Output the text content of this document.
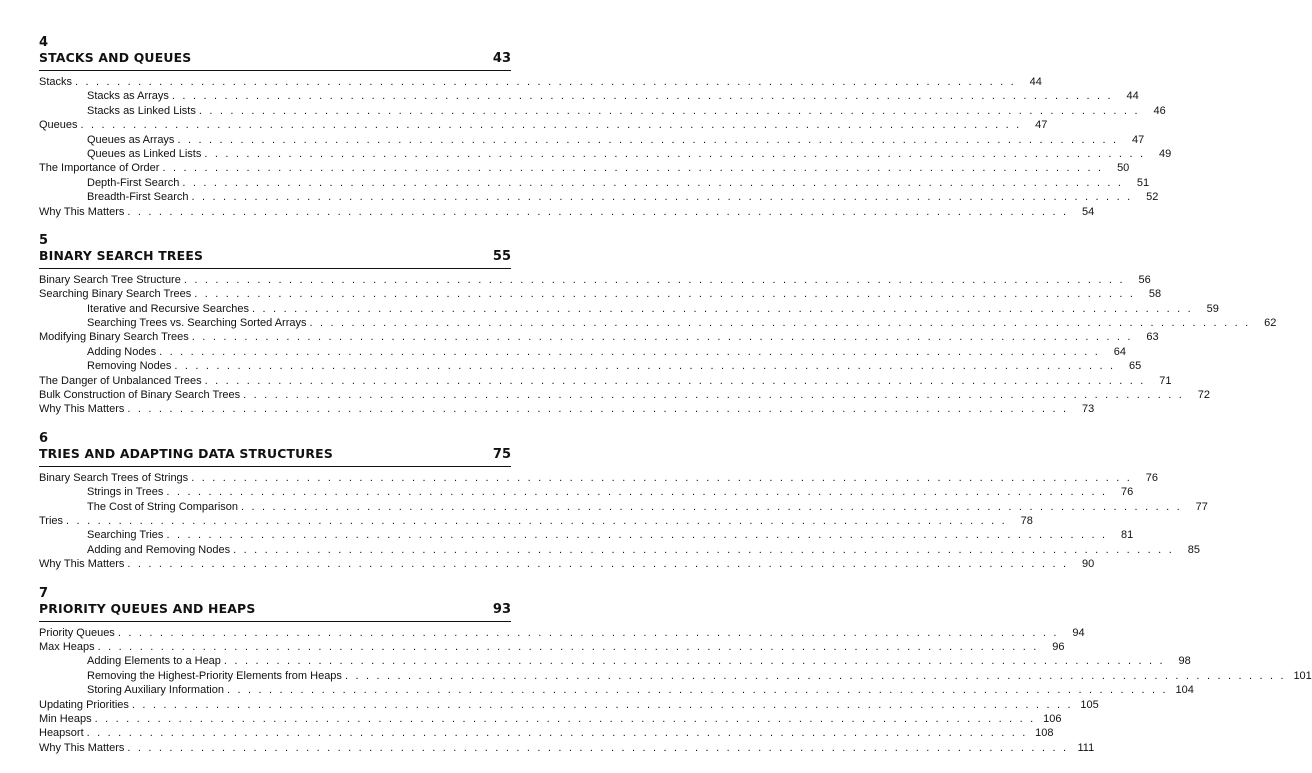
4
STACKS AND QUEUES	43
Stacks . . . . . . . . . . . . . . . . . . . . . . . . . . . . . . . . . . . . . . . . . . . . . . . . . . . . . . . . . . . . . . . . . . . . . . . . . . . . . . . . . . . . . . . . . .	44
Stacks as Arrays . . . . . . . . . . . . . . . . . . . . . . . . . . . . . . . . . . . . . . . . . . . . . . . . . . . . . . . . . . . . . . . . . . . . . . . . . . . . . . . . . . . . . . . . . .	44
Stacks as Linked Lists . . . . . . . . . . . . . . . . . . . . . . . . . . . . . . . . . . . . . . . . . . . . . . . . . . . . . . . . . . . . . . . . . . . . . . . . . . . . . . . . . . . . . . . . . .	46
Queues . . . . . . . . . . . . . . . . . . . . . . . . . . . . . . . . . . . . . . . . . . . . . . . . . . . . . . . . . . . . . . . . . . . . . . . . . . . . . . . . . . . . . . . . . .	47
Queues as Arrays . . . . . . . . . . . . . . . . . . . . . . . . . . . . . . . . . . . . . . . . . . . . . . . . . . . . . . . . . . . . . . . . . . . . . . . . . . . . . . . . . . . . . . . . . .	47
Queues as Linked Lists . . . . . . . . . . . . . . . . . . . . . . . . . . . . . . . . . . . . . . . . . . . . . . . . . . . . . . . . . . . . . . . . . . . . . . . . . . . . . . . . . . . . . . . . . .	49
The Importance of Order . . . . . . . . . . . . . . . . . . . . . . . . . . . . . . . . . . . . . . . . . . . . . . . . . . . . . . . . . . . . . . . . . . . . . . . . . . . . . . . . . . . . . . . . . .	50
Depth-First Search . . . . . . . . . . . . . . . . . . . . . . . . . . . . . . . . . . . . . . . . . . . . . . . . . . . . . . . . . . . . . . . . . . . . . . . . . . . . . . . . . . . . . . . . . .	51
Breadth-First Search . . . . . . . . . . . . . . . . . . . . . . . . . . . . . . . . . . . . . . . . . . . . . . . . . . . . . . . . . . . . . . . . . . . . . . . . . . . . . . . . . . . . . . . . . .	52
Why This Matters . . . . . . . . . . . . . . . . . . . . . . . . . . . . . . . . . . . . . . . . . . . . . . . . . . . . . . . . . . . . . . . . . . . . . . . . . . . . . . . . . . . . . . . . . .	54
5
BINARY SEARCH TREES	55
Binary Search Tree Structure . . . . . . . . . . . . . . . . . . . . . . . . . . . . . . . . . . . . . . . . . . . . . . . . . . . . . . . . . . . . . . . . . . . . . . . . . . . . . . . . . . . . . . . . . .	56
Searching Binary Search Trees . . . . . . . . . . . . . . . . . . . . . . . . . . . . . . . . . . . . . . . . . . . . . . . . . . . . . . . . . . . . . . . . . . . . . . . . . . . . . . . . . . . . . . . . . .	58
Iterative and Recursive Searches . . . . . . . . . . . . . . . . . . . . . . . . . . . . . . . . . . . . . . . . . . . . . . . . . . . . . . . . . . . . . . . . . . . . . . . . . . . . . . . . . . . . . . . . . .	59
Searching Trees vs. Searching Sorted Arrays . . . . . . . . . . . . . . . . . . . . . . . . . . . . . . . . . . . . . . . . . . . . . . . . . . . . . . . . . . . . . . . . . . . . . . . . . . . . . . . . . . . . . . . . . .	62
Modifying Binary Search Trees . . . . . . . . . . . . . . . . . . . . . . . . . . . . . . . . . . . . . . . . . . . . . . . . . . . . . . . . . . . . . . . . . . . . . . . . . . . . . . . . . . . . . . . . . .	63
Adding Nodes . . . . . . . . . . . . . . . . . . . . . . . . . . . . . . . . . . . . . . . . . . . . . . . . . . . . . . . . . . . . . . . . . . . . . . . . . . . . . . . . . . . . . . . . . .	64
Removing Nodes . . . . . . . . . . . . . . . . . . . . . . . . . . . . . . . . . . . . . . . . . . . . . . . . . . . . . . . . . . . . . . . . . . . . . . . . . . . . . . . . . . . . . . . . . .	65
The Danger of Unbalanced Trees . . . . . . . . . . . . . . . . . . . . . . . . . . . . . . . . . . . . . . . . . . . . . . . . . . . . . . . . . . . . . . . . . . . . . . . . . . . . . . . . . . . . . . . . . .	71
Bulk Construction of Binary Search Trees . . . . . . . . . . . . . . . . . . . . . . . . . . . . . . . . . . . . . . . . . . . . . . . . . . . . . . . . . . . . . . . . . . . . . . . . . . . . . . . . . . . . . . . . . .	72
Why This Matters . . . . . . . . . . . . . . . . . . . . . . . . . . . . . . . . . . . . . . . . . . . . . . . . . . . . . . . . . . . . . . . . . . . . . . . . . . . . . . . . . . . . . . . . . .	73
6
TRIES AND ADAPTING DATA STRUCTURES	75
Binary Search Trees of Strings . . . . . . . . . . . . . . . . . . . . . . . . . . . . . . . . . . . . . . . . . . . . . . . . . . . . . . . . . . . . . . . . . . . . . . . . . . . . . . . . . . . . . . . . . .	76
Strings in Trees . . . . . . . . . . . . . . . . . . . . . . . . . . . . . . . . . . . . . . . . . . . . . . . . . . . . . . . . . . . . . . . . . . . . . . . . . . . . . . . . . . . . . . . . . .	76
The Cost of String Comparison . . . . . . . . . . . . . . . . . . . . . . . . . . . . . . . . . . . . . . . . . . . . . . . . . . . . . . . . . . . . . . . . . . . . . . . . . . . . . . . . . . . . . . . . . .	77
Tries . . . . . . . . . . . . . . . . . . . . . . . . . . . . . . . . . . . . . . . . . . . . . . . . . . . . . . . . . . . . . . . . . . . . . . . . . . . . . . . . . . . . . . . . . .	78
Searching Tries . . . . . . . . . . . . . . . . . . . . . . . . . . . . . . . . . . . . . . . . . . . . . . . . . . . . . . . . . . . . . . . . . . . . . . . . . . . . . . . . . . . . . . . . . .	81
Adding and Removing Nodes . . . . . . . . . . . . . . . . . . . . . . . . . . . . . . . . . . . . . . . . . . . . . . . . . . . . . . . . . . . . . . . . . . . . . . . . . . . . . . . . . . . . . . . . . .	85
Why This Matters . . . . . . . . . . . . . . . . . . . . . . . . . . . . . . . . . . . . . . . . . . . . . . . . . . . . . . . . . . . . . . . . . . . . . . . . . . . . . . . . . . . . . . . . . .	90
7
PRIORITY QUEUES AND HEAPS	93
Priority Queues . . . . . . . . . . . . . . . . . . . . . . . . . . . . . . . . . . . . . . . . . . . . . . . . . . . . . . . . . . . . . . . . . . . . . . . . . . . . . . . . . . . . . . . . . .	94
Max Heaps . . . . . . . . . . . . . . . . . . . . . . . . . . . . . . . . . . . . . . . . . . . . . . . . . . . . . . . . . . . . . . . . . . . . . . . . . . . . . . . . . . . . . . . . . .	96
Adding Elements to a Heap . . . . . . . . . . . . . . . . . . . . . . . . . . . . . . . . . . . . . . . . . . . . . . . . . . . . . . . . . . . . . . . . . . . . . . . . . . . . . . . . . . . . . . . . . .	98
Removing the Highest-Priority Elements from Heaps . . . . . . . . . . . . . . . . . . . . . . . . . . . . . . . . . . . . . . . . . . . . . . . . . . . . . . . . . . . . . . . . . . . . . . . . . . . . . . . . . . . . . . . . . . 101
Storing Auxiliary Information . . . . . . . . . . . . . . . . . . . . . . . . . . . . . . . . . . . . . . . . . . . . . . . . . . . . . . . . . . . . . . . . . . . . . . . . . . . . . . . . . . . . . . . . . . 104
Updating Priorities . . . . . . . . . . . . . . . . . . . . . . . . . . . . . . . . . . . . . . . . . . . . . . . . . . . . . . . . . . . . . . . . . . . . . . . . . . . . . . . . . . . . . . . . . . 105
Min Heaps . . . . . . . . . . . . . . . . . . . . . . . . . . . . . . . . . . . . . . . . . . . . . . . . . . . . . . . . . . . . . . . . . . . . . . . . . . . . . . . . . . . . . . . . . . 106
Heapsort . . . . . . . . . . . . . . . . . . . . . . . . . . . . . . . . . . . . . . . . . . . . . . . . . . . . . . . . . . . . . . . . . . . . . . . . . . . . . . . . . . . . . . . . . . 108
Why This Matters . . . . . . . . . . . . . . . . . . . . . . . . . . . . . . . . . . . . . . . . . . . . . . . . . . . . . . . . . . . . . . . . . . . . . . . . . . . . . . . . . . . . . . . . . . 111
